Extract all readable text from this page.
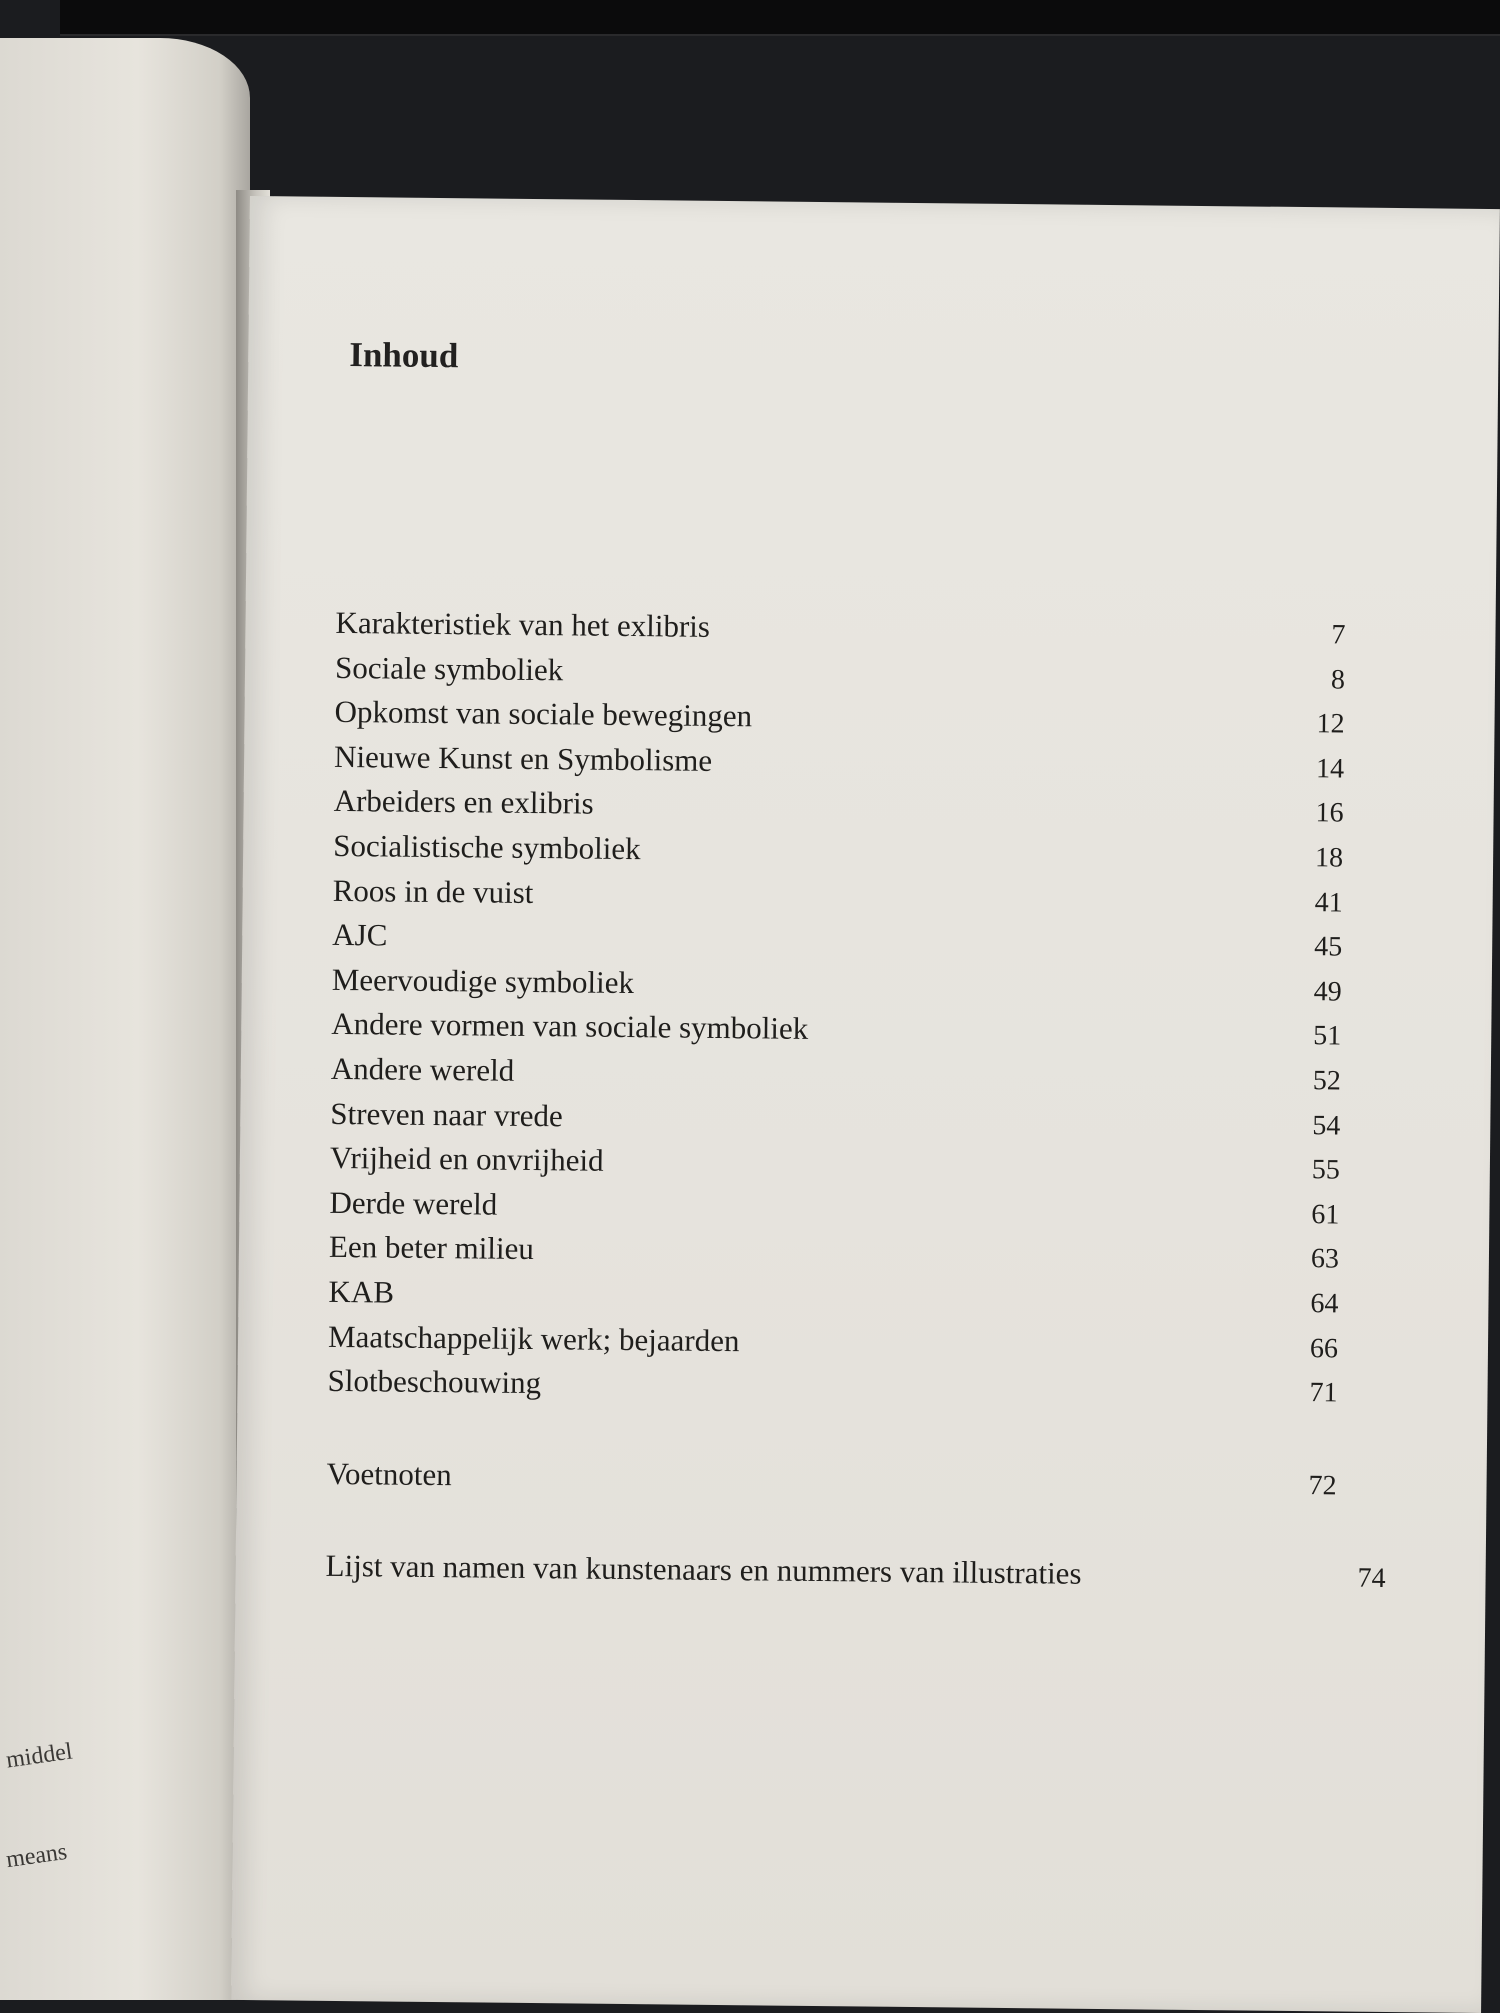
middel
means
Inhoud
Karakteristiek van het exlibris	7
Sociale symboliek	8
Opkomst van sociale bewegingen	12
Nieuwe Kunst en Symbolisme	14
Arbeiders en exlibris	16
Socialistische symboliek	18
Roos in de vuist	41
AJC	45
Meervoudige symboliek	49
Andere vormen van sociale symboliek	51
Andere wereld	52
Streven naar vrede	54
Vrijheid en onvrijheid	55
Derde wereld	61
Een beter milieu	63
KAB	64
Maatschappelijk werk; bejaarden	66
Slotbeschouwing	71
Voetnoten	72
Lijst van namen van kunstenaars en nummers van illustraties	74
